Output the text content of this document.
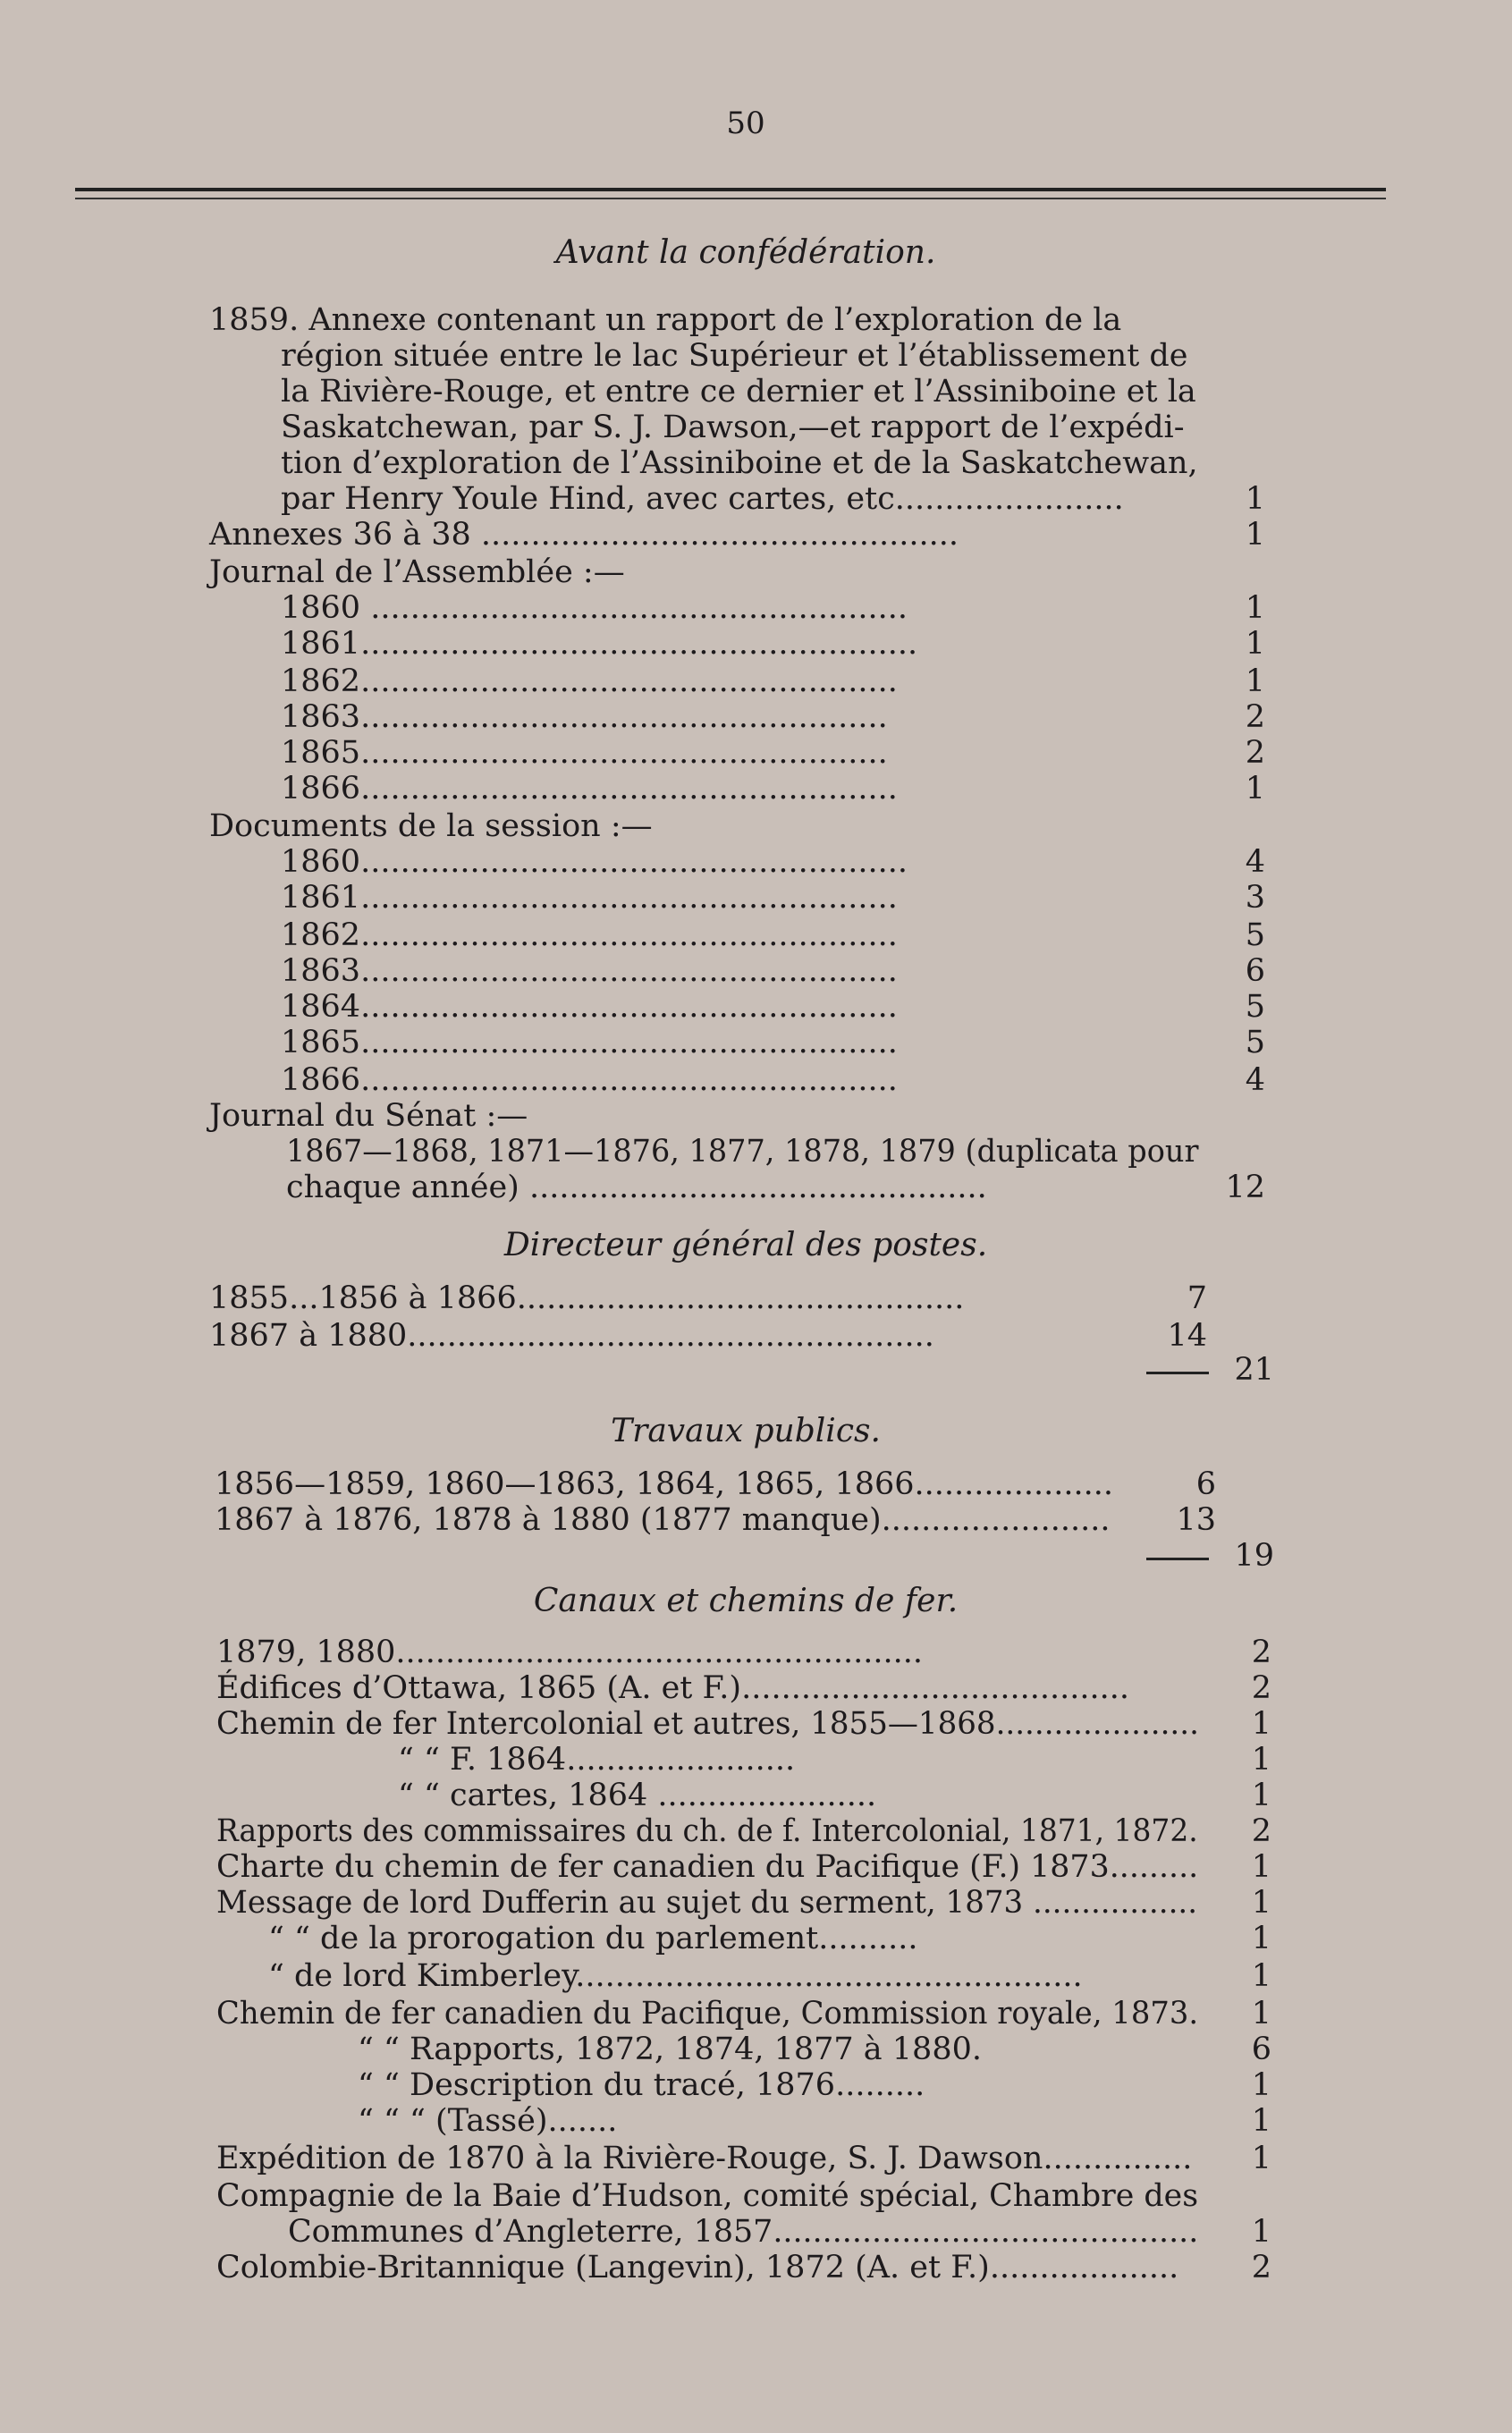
50
Avant la confédération.
1859. Annexe contenant un rapport de l’exploration de la
région située entre le lac Supérieur et l’établissement de
la Rivière-Rouge, et entre ce dernier et l’Assiniboine et la
Saskatchewan, par S. J. Dawson,—et rapport de l’expédi-
tion d’exploration de l’Assiniboine et de la Saskatchewan,
par Henry Youle Hind, avec cartes, etc.......................	1
Annexes 36 à 38 ................................................	1
Journal de l’Assemblée :—
1860 ......................................................	1
1861........................................................	1
1862......................................................	1
1863.....................................................	2
1865.....................................................	2
1866......................................................	1
Documents de la session :—
1860.......................................................	4
1861......................................................	3
1862......................................................	5
1863......................................................	6
1864......................................................	5
1865......................................................	5
1866......................................................	4
Journal du Sénat :—
1867—1868, 1871—1876, 1877, 1878, 1879 (duplicata pour
chaque année) ..............................................	12
Directeur général des postes.
1855...1856 à 1866.............................................	7
1867 à 1880.....................................................	14
21
Travaux publics.
1856—1859, 1860—1863, 1864, 1865, 1866....................	6
1867 à 1876, 1878 à 1880 (1877 manque).......................	13
19
Canaux et chemins de fer.
1879, 1880.....................................................	2
Édifices d’Ottawa, 1865 (A. et F.).......................................	2
Chemin de fer Intercolonial et autres, 1855—1868.....................	1
“ “ F. 1864.......................	1
“ “ cartes, 1864 ......................	1
Rapports des commissaires du ch. de f. Intercolonial, 1871, 1872.	2
Charte du chemin de fer canadien du Pacifique (F.) 1873.........	1
Message de lord Dufferin au sujet du serment, 1873 .................	1
“ “ de la prorogation du parlement..........	1
“ de lord Kimberley...................................................	1
Chemin de fer canadien du Pacifique, Commission royale, 1873.	1
“ “ Rapports, 1872, 1874, 1877 à 1880.	6
“ “ Description du tracé, 1876.........	1
“ “ “ (Tassé).......	1
Expédition de 1870 à la Rivière-Rouge, S. J. Dawson...............	1
Compagnie de la Baie d’Hudson, comité spécial, Chambre des
Communes d’Angleterre, 1857...........................................	1
Colombie-Britannique (Langevin), 1872 (A. et F.)...................	2
